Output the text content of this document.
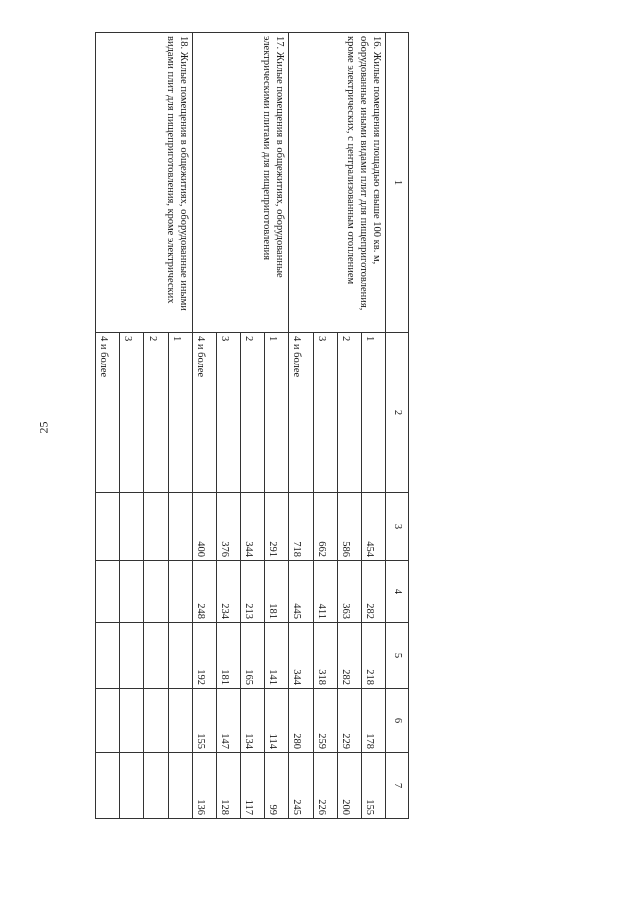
25
1	2	3	4	5	6	7
16. Жилые помещения площадью свыше 100 кв. м, оборудованные иными видами плит для пищеприготовления, кроме электрических, с централизованным отоплением	1	454	282	218	178	155
	2	586	363	282	229	200
	3	662	411	318	259	226
	4 и более	718	445	344	280	245
17. Жилые помещения в общежитиях, оборудованные электрическими плитами для пищеприготовления	1	291	181	141	114	99
	2	344	213	165	134	117
	3	376	234	181	147	128
	4 и более	400	248	192	155	136
18. Жилые помещения в общежитиях, оборудованные иными видами плит для пищеприготовления, кроме электрических	1					
	2					
	3					
	4 и более					
